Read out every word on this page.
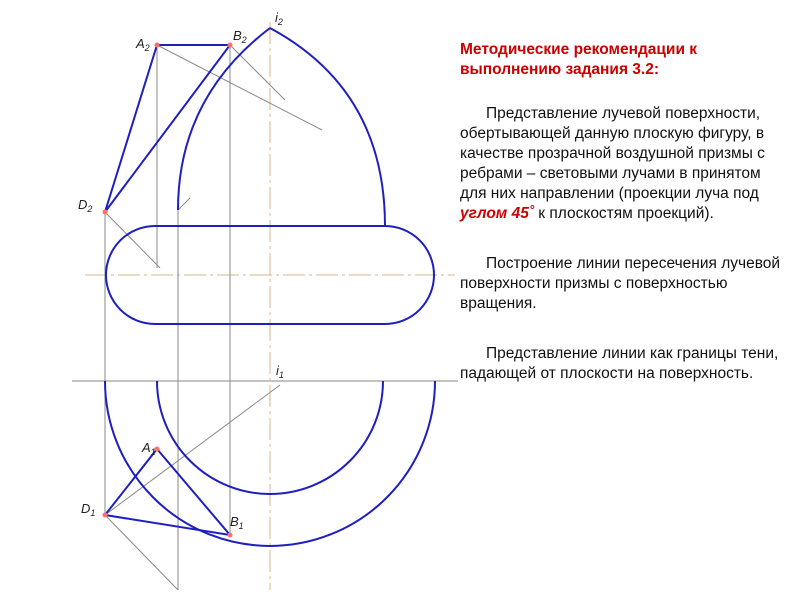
$A_2$
$B_2$
$D_2$
$i_2$
$i_1$
$A_1$
$B_1$
$D_1$

Методические рекомендации к выполнению задания 3.2:

Представление лучевой поверхности, обертывающей данную плоскую фигуру, в качестве прозрачной воздушной призмы с ребрами – световыми лучами в принятом для них направлении (проекции луча под углом 45˚ к плоскостям проекций).

Построение линии пересечения лучевой поверхности призмы с поверхностью вращения.

Представление линии как границы тени, падающей от плоскости на поверхность.
